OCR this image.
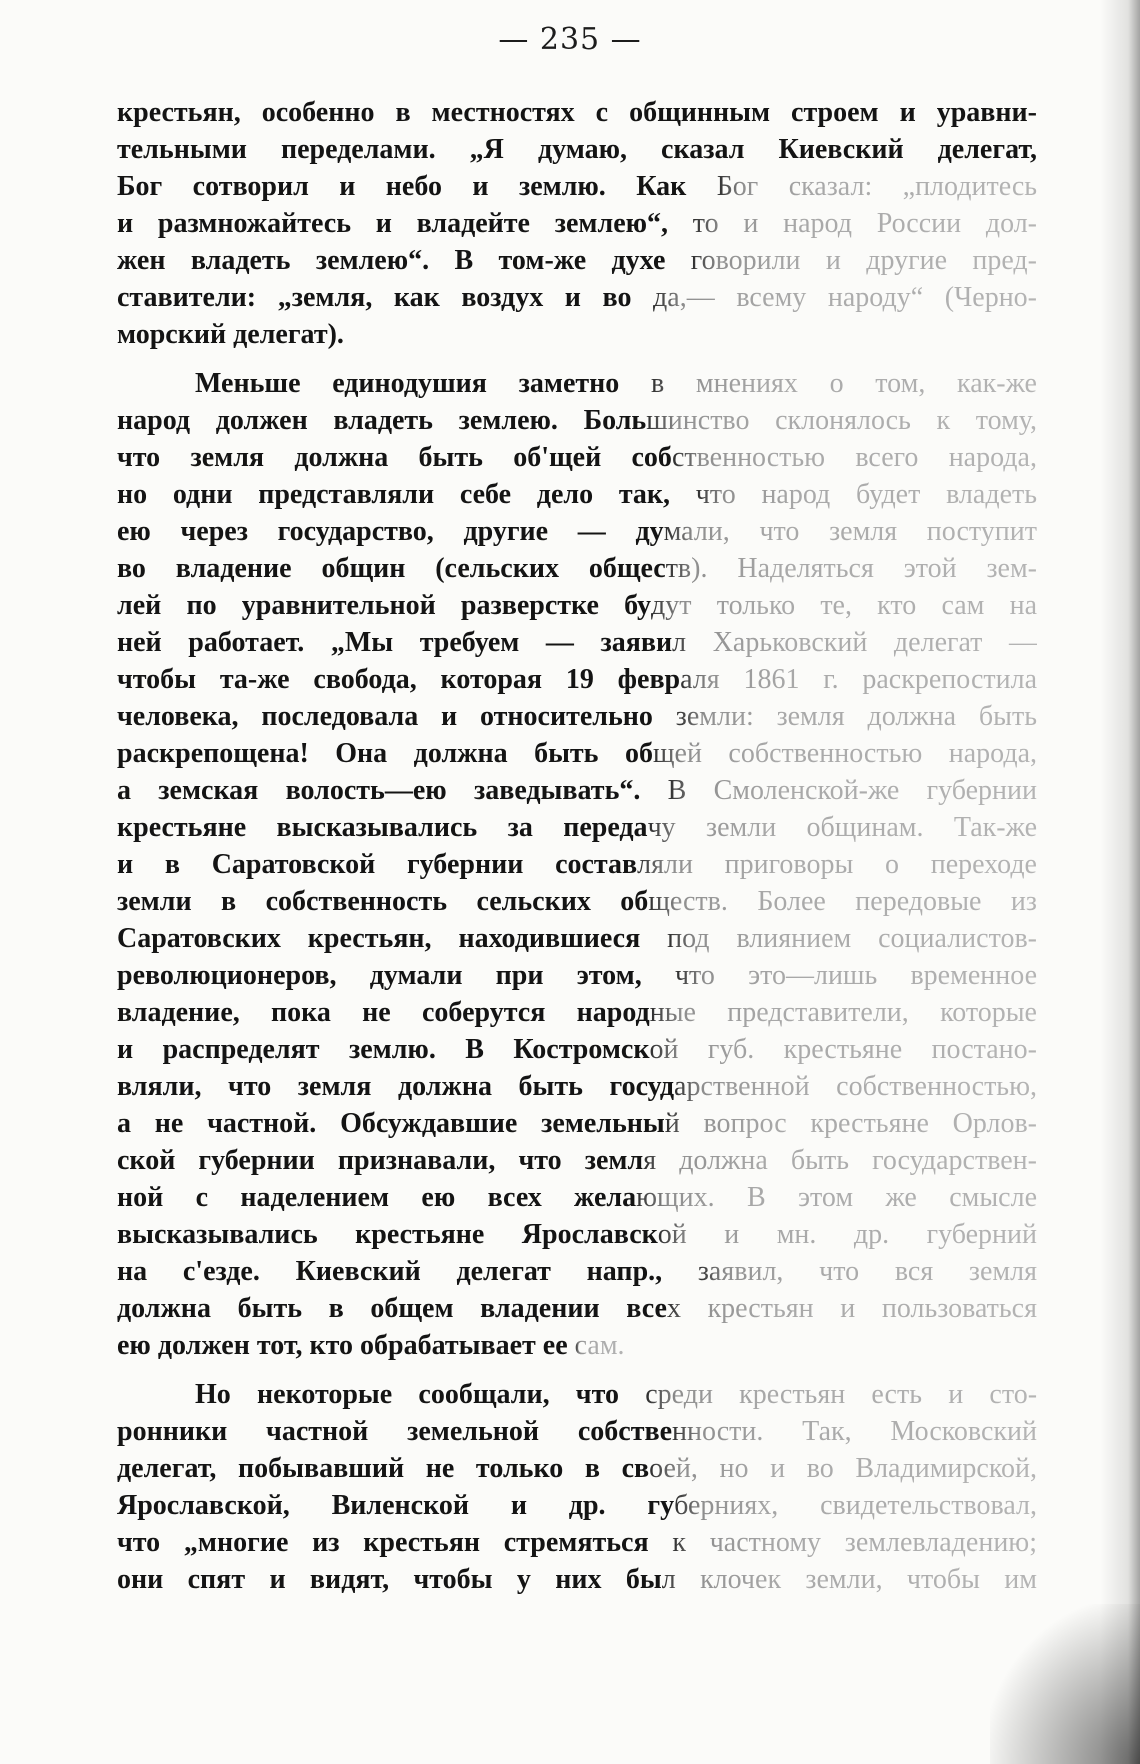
— 235 —
крестьян, особенно в местностях с общинным строем и уравни-
тельными переделами. „Я думаю, сказал Киевский делегат,
Бог сотворил и небо и землю. Как Бог сказал: „плодитесь
и размножайтесь и владейте землею“, то и народ России дол-
жен владеть землею“. В том-же духе говорили и другие пред-
ставители: „земля, как воздух и во да,— всему народу“ (Черно-
морский делегат).
Меньше единодушия заметно в мнениях о том, как-же
народ должен владеть землею. Большинство склонялось к тому,
что земля должна быть об'щей собственностью всего народа,
но одни представляли себе дело так, что народ будет владеть
ею через государство, другие — думали, что земля поступит
во владение общин (сельских обществ). Наделяться этой зем-
лей по уравнительной разверстке будут только те, кто сам на
ней работает. „Мы требуем — заявил Харьковский делегат —
чтобы та-же свобода, которая 19 февраля 1861 г. раскрепостила
человека, последовала и относительно земли: земля должна быть
раскрепощена! Она должна быть общей собственностью народа,
а земская волость—ею заведывать“. В Смоленской-же губернии
крестьяне высказывались за передачу земли общинам. Так-же
и в Саратовской губернии составляли приговоры о переходе
земли в собственность сельских обществ. Более передовые из
Саратовских крестьян, находившиеся под влиянием социалистов-
революционеров, думали при этом, что это—лишь временное
владение, пока не соберутся народные представители, которые
и распределят землю. В Костромской губ. крестьяне постано-
вляли, что земля должна быть государственной собственностью,
а не частной. Обсуждавшие земельный вопрос крестьяне Орлов-
ской губернии признавали, что земля должна быть государствен-
ной с наделением ею всех желающих. В этом же смысле
высказывались крестьяне Ярославской и мн. др. губерний
на с'езде. Киевский делегат напр., заявил, что вся земля
должна быть в общем владении всех крестьян и пользоваться
ею должен тот, кто обрабатывает ее сам.
Но некоторые сообщали, что среди крестьян есть и сто-
ронники частной земельной собственности. Так, Московский
делегат, побывавший не только в своей, но и во Владимирской,
Ярославской, Виленской и др. губерниях, свидетельствовал,
что „многие из крестьян стремяться к частному землевладению;
они спят и видят, чтобы у них был клочек земли, чтобы им
